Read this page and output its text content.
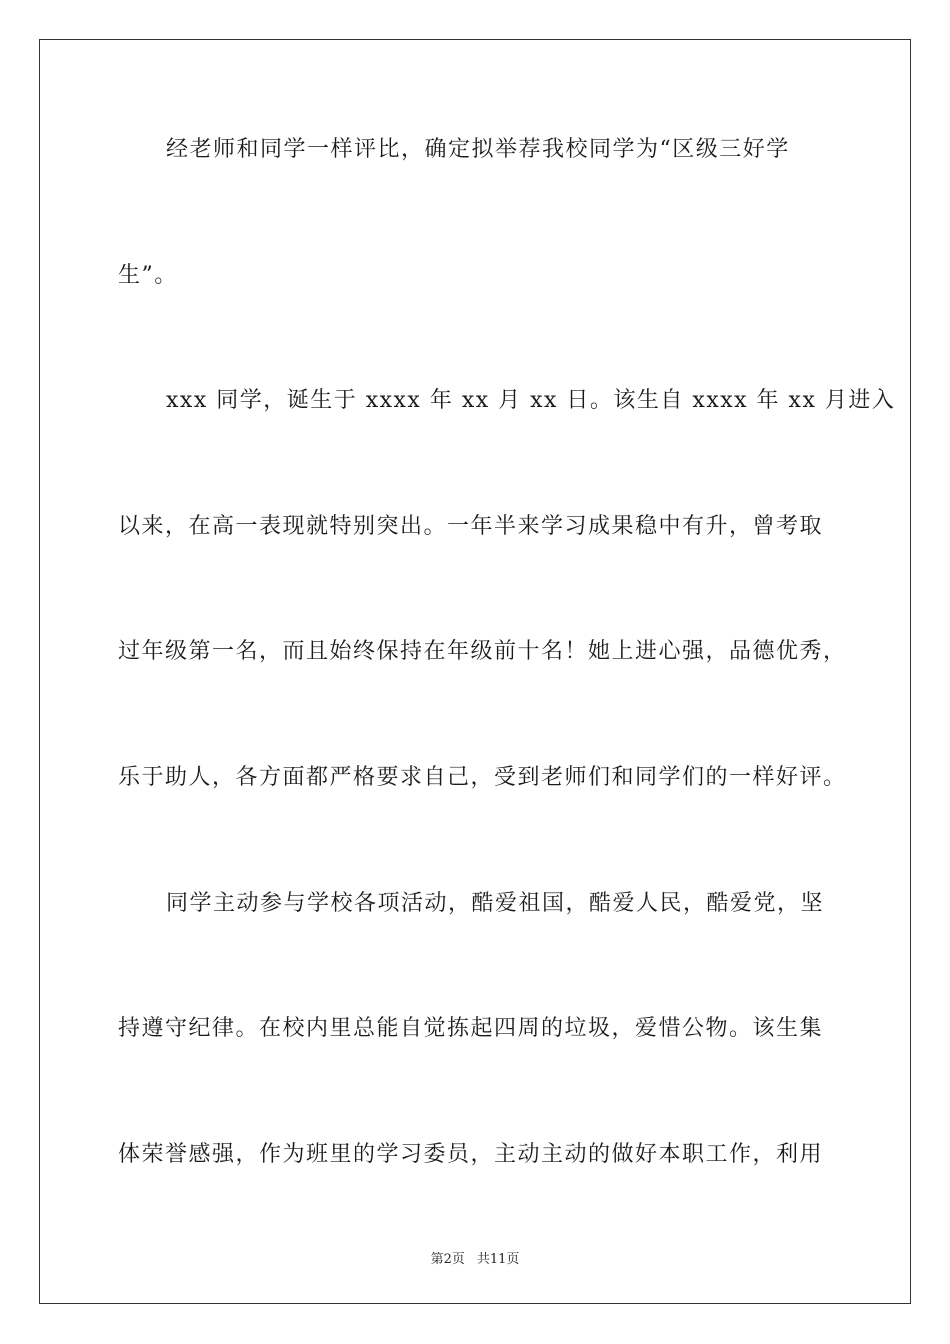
经老师和同学一样评比，确定拟举荐我校同学为“区级三好学
生”。
xxx 同学，诞生于 xxxx 年 xx 月 xx 日。该生自 xxxx 年 xx 月进入
以来，在高一表现就特别突出。一年半来学习成果稳中有升，曾考取
过年级第一名，而且始终保持在年级前十名！她上进心强，品德优秀，
乐于助人，各方面都严格要求自己，受到老师们和同学们的一样好评。
同学主动参与学校各项活动，酷爱祖国，酷爱人民，酷爱党，坚
持遵守纪律。在校内里总能自觉拣起四周的垃圾，爱惜公物。该生集
体荣誉感强，作为班里的学习委员，主动主动的做好本职工作，利用
第2页 共11页
